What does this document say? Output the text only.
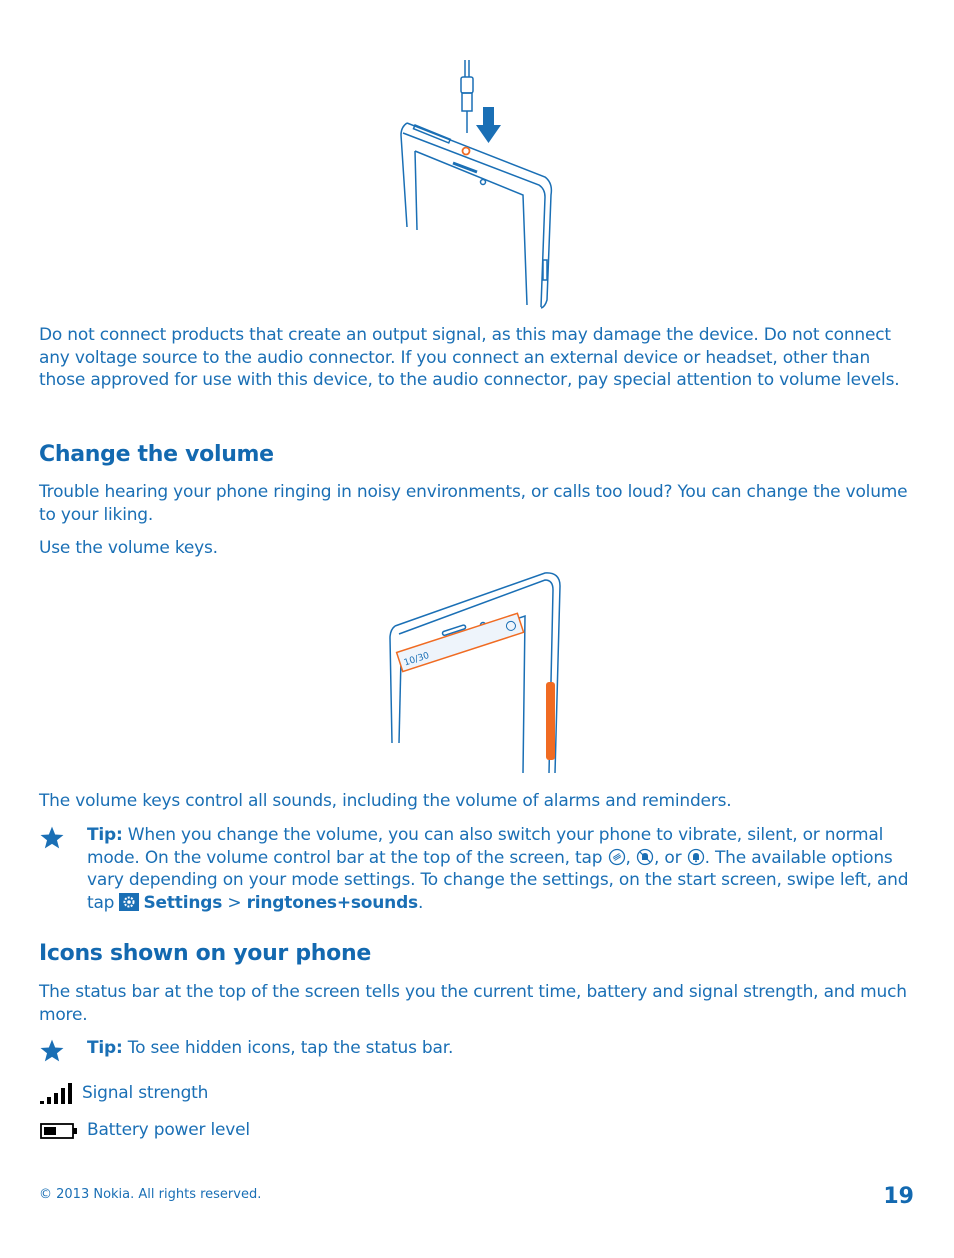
Do not connect products that create an output signal, as this may damage the device. Do not connect any voltage source to the audio connector. If you connect an external device or headset, other than those approved for use with this device, to the audio connector, pay special attention to volume levels.
Change the volume
Trouble hearing your phone ringing in noisy environments, or calls too loud? You can change the volume to your liking.
Use the volume keys.
10/30
The volume keys control all sounds, including the volume of alarms and reminders.
Tip: When you change the volume, you can also switch your phone to vibrate, silent, or normal mode. On the volume control bar at the top of the screen, tap , , or . The available options vary depending on your mode settings. To change the settings, on the start screen, swipe left, and tap Settings > ringtones+sounds.
Icons shown on your phone
The status bar at the top of the screen tells you the current time, battery and signal strength, and much more.
Tip: To see hidden icons, tap the status bar.
Signal strength
Battery power level
© 2013 Nokia. All rights reserved.	19
